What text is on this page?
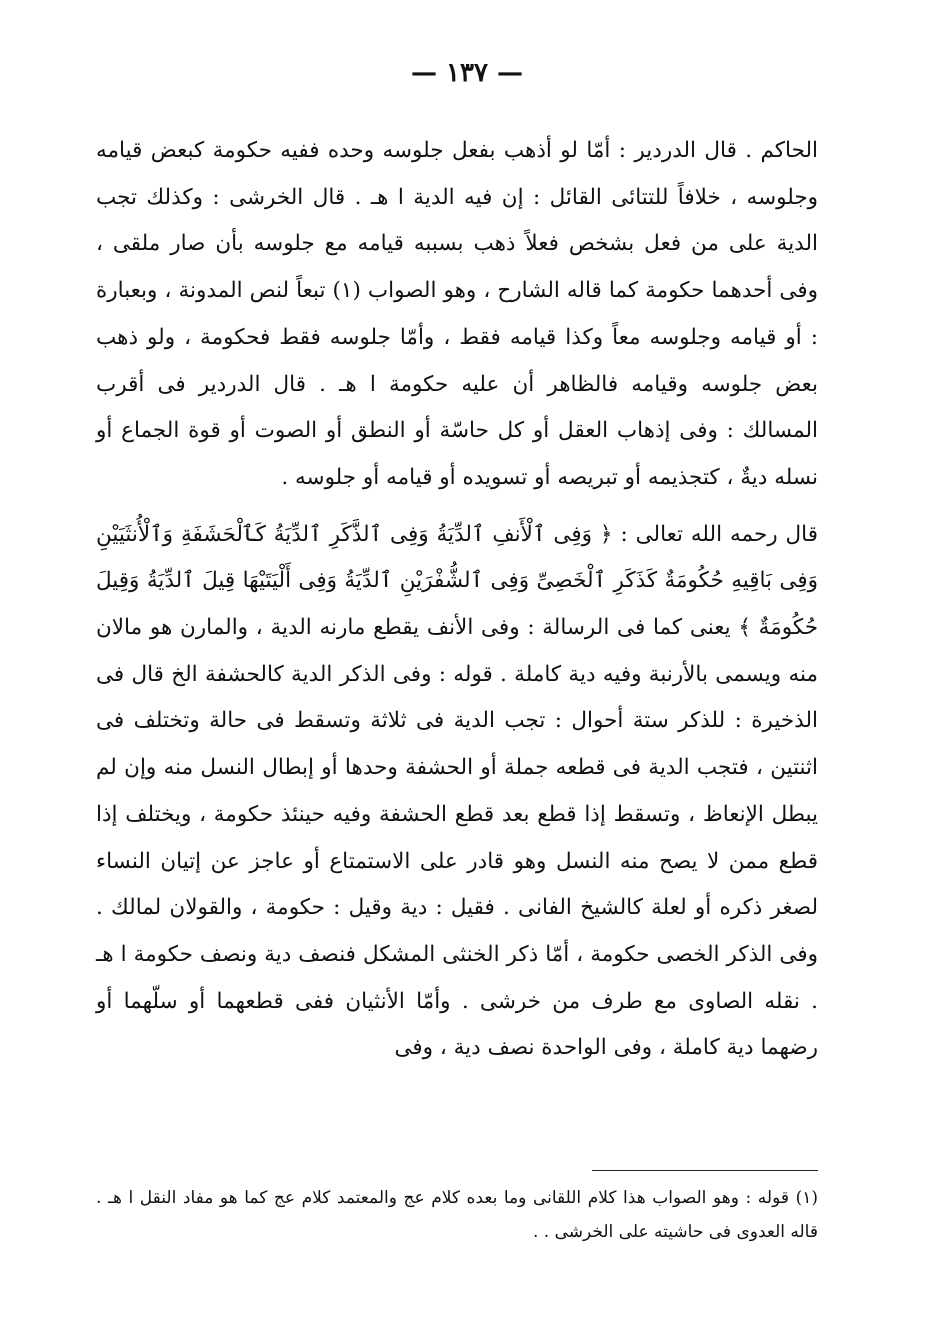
— ١٣٧ —

الحاكم . قال الدردير : أمّا لو أذهب بفعل جلوسه وحده ففيه حكومة كبعض قيامه وجلوسه ، خلافاً للتتائى القائل : إن فيه الدية ا هـ . قال الخرشى : وكذلك تجب الدية على من فعل بشخص فعلاً ذهب بسببه قيامه مع جلوسه بأن صار ملقى ، وفى أحدهما حكومة كما قاله الشارح ، وهو الصواب (١) تبعاً لنص المدونة ، وبعبارة : أو قيامه وجلوسه معاً وكذا قيامه فقط ، وأمّا جلوسه فقط فحكومة ، ولو ذهب بعض جلوسه وقيامه فالظاهر أن عليه حكومة ا هـ . قال الدردير فى أقرب المسالك : وفى إذهاب العقل أو كل حاسّة أو النطق أو الصوت أو قوة الجماع أو نسله ديةٌ ، كتجذيمه أو تبريصه أو تسويده أو قيامه أو جلوسه .

قال رحمه الله تعالى : ﴿ وَفِى ٱلْأَنفِ ٱلدِّيَةُ وَفِى ٱلذَّكَرِ ٱلدِّيَةُ كَٱلْحَشَفَةِ وَٱلْأُنثَيَيْنِ وَفِى بَاقِيهِ حُكُومَةٌ كَذَكَرِ ٱلْخَصِىِّ وَفِى ٱلشُّفْرَيْنِ ٱلدِّيَةُ وَفِى أَلْيَتَيْهَا قِيلَ ٱلدِّيَةُ وَقِيلَ حُكُومَةٌ ﴾ يعنى كما فى الرسالة : وفى الأنف يقطع مارنه الدية ، والمارن هو مالان منه ويسمى بالأرنبة وفيه دية كاملة . قوله : وفى الذكر الدية كالحشفة الخ قال فى الذخيرة : للذكر ستة أحوال : تجب الدية فى ثلاثة وتسقط فى حالة وتختلف فى اثنتين ، فتجب الدية فى قطعه جملة أو الحشفة وحدها أو إبطال النسل منه وإن لم يبطل الإنعاظ ، وتسقط إذا قطع بعد قطع الحشفة وفيه حينئذ حكومة ، ويختلف إذا قطع ممن لا يصح منه النسل وهو قادر على الاستمتاع أو عاجز عن إتيان النساء لصغر ذكره أو لعلة كالشيخ الفانى . فقيل : دية وقيل : حكومة ، والقولان لمالك . وفى الذكر الخصى حكومة ، أمّا ذكر الخنثى المشكل فنصف دية ونصف حكومة ا هـ . نقله الصاوى مع طرف من خرشى . وأمّا الأنثيان ففى قطعهما أو سلّهما أو رضهما دية كاملة ، وفى الواحدة نصف دية ، وفى

(١) قوله : وهو الصواب هذا كلام اللقانى وما بعده كلام عج والمعتمد كلام عج كما هو مفاد النقل ا هـ . قاله العدوى فى حاشيته على الخرشى . .
